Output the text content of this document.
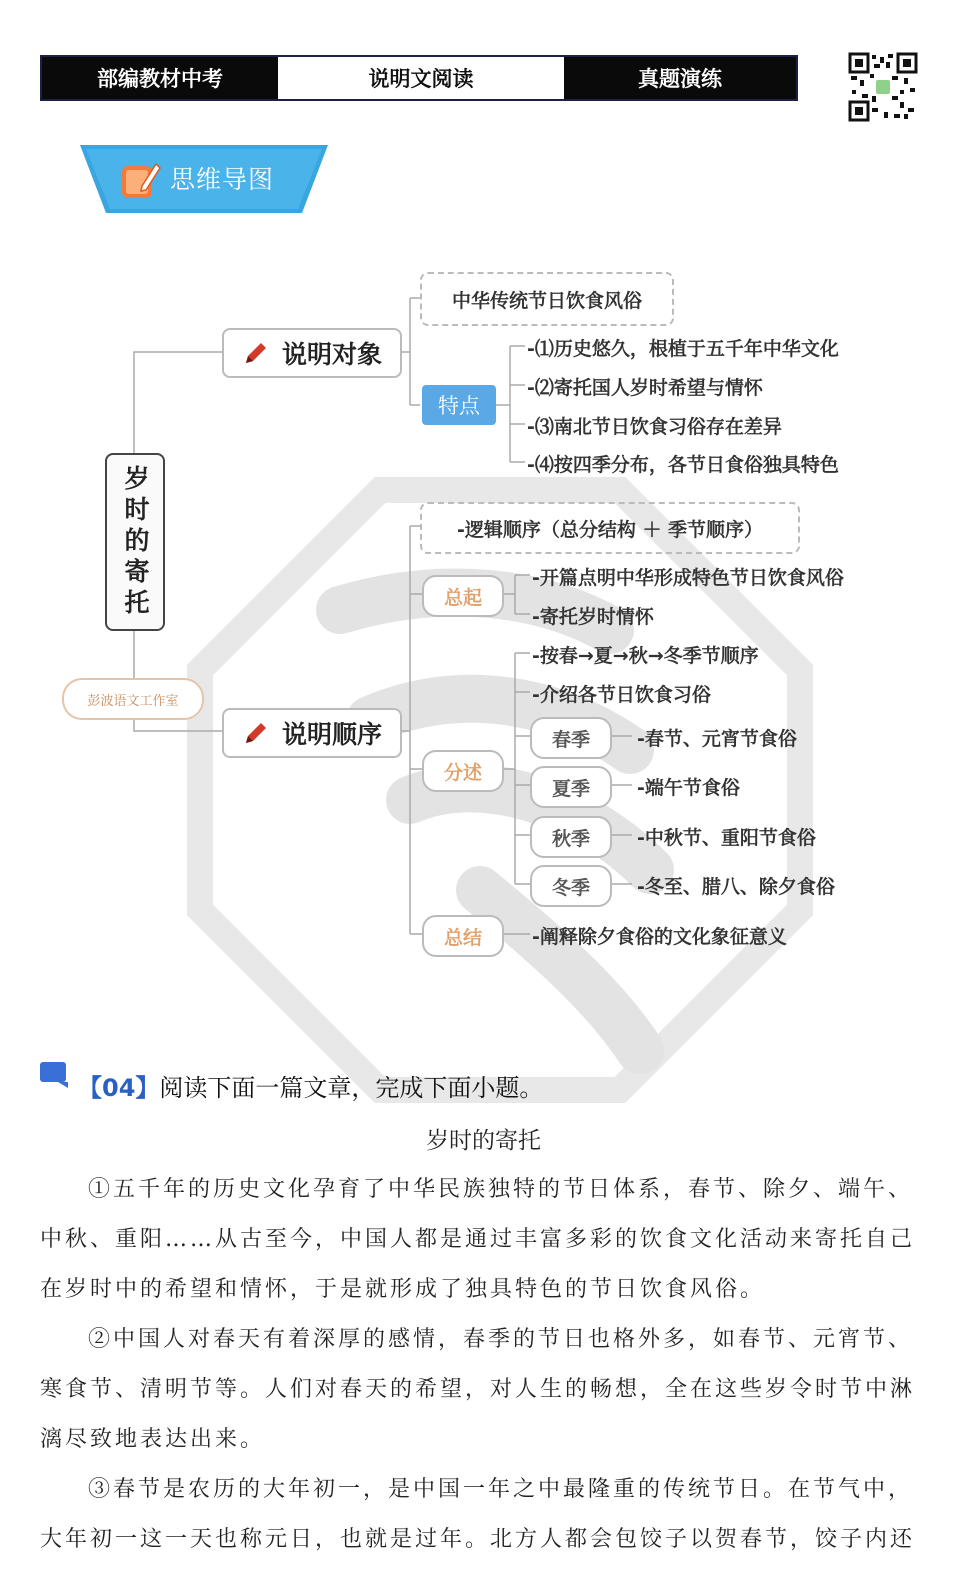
部编教材中考	说明文阅读	真题演练
思维导图
岁时的寄托
彭波语文工作室
说明对象
中华传统节日饮食风俗
特点
-⑴历史悠久，根植于五千年中华文化
-⑵寄托国人岁时希望与情怀
-⑶南北节日饮食习俗存在差异
-⑷按四季分布，各节日食俗独具特色
说明顺序
-逻辑顺序（总分结构 ＋ 季节顺序）
总起
-开篇点明中华形成特色节日饮食风俗
-寄托岁时情怀
分述
-按春→夏→秋→冬季节顺序
-介绍各节日饮食习俗
春季 -春节、元宵节食俗
夏季 -端午节食俗
秋季 -中秋节、重阳节食俗
冬季 -冬至、腊八、除夕食俗
总结	-阐释除夕食俗的文化象征意义
【04】阅读下面一篇文章，完成下面小题。
岁时的寄托
①五千年的历史文化孕育了中华民族独特的节日体系，春节、除夕、端午、中秋、重阳……从古至今，中国人都是通过丰富多彩的饮食文化活动来寄托自己在岁时中的希望和情怀，于是就形成了独具特色的节日饮食风俗。
②中国人对春天有着深厚的感情，春季的节日也格外多，如春节、元宵节、寒食节、清明节等。人们对春天的希望，对人生的畅想，全在这些岁令时节中淋漓尽致地表达出来。
③春节是农历的大年初一，是中国一年之中最隆重的传统节日。在节气中，大年初一这一天也称元日，也就是过年。北方人都会包饺子以贺春节，饺子内还
